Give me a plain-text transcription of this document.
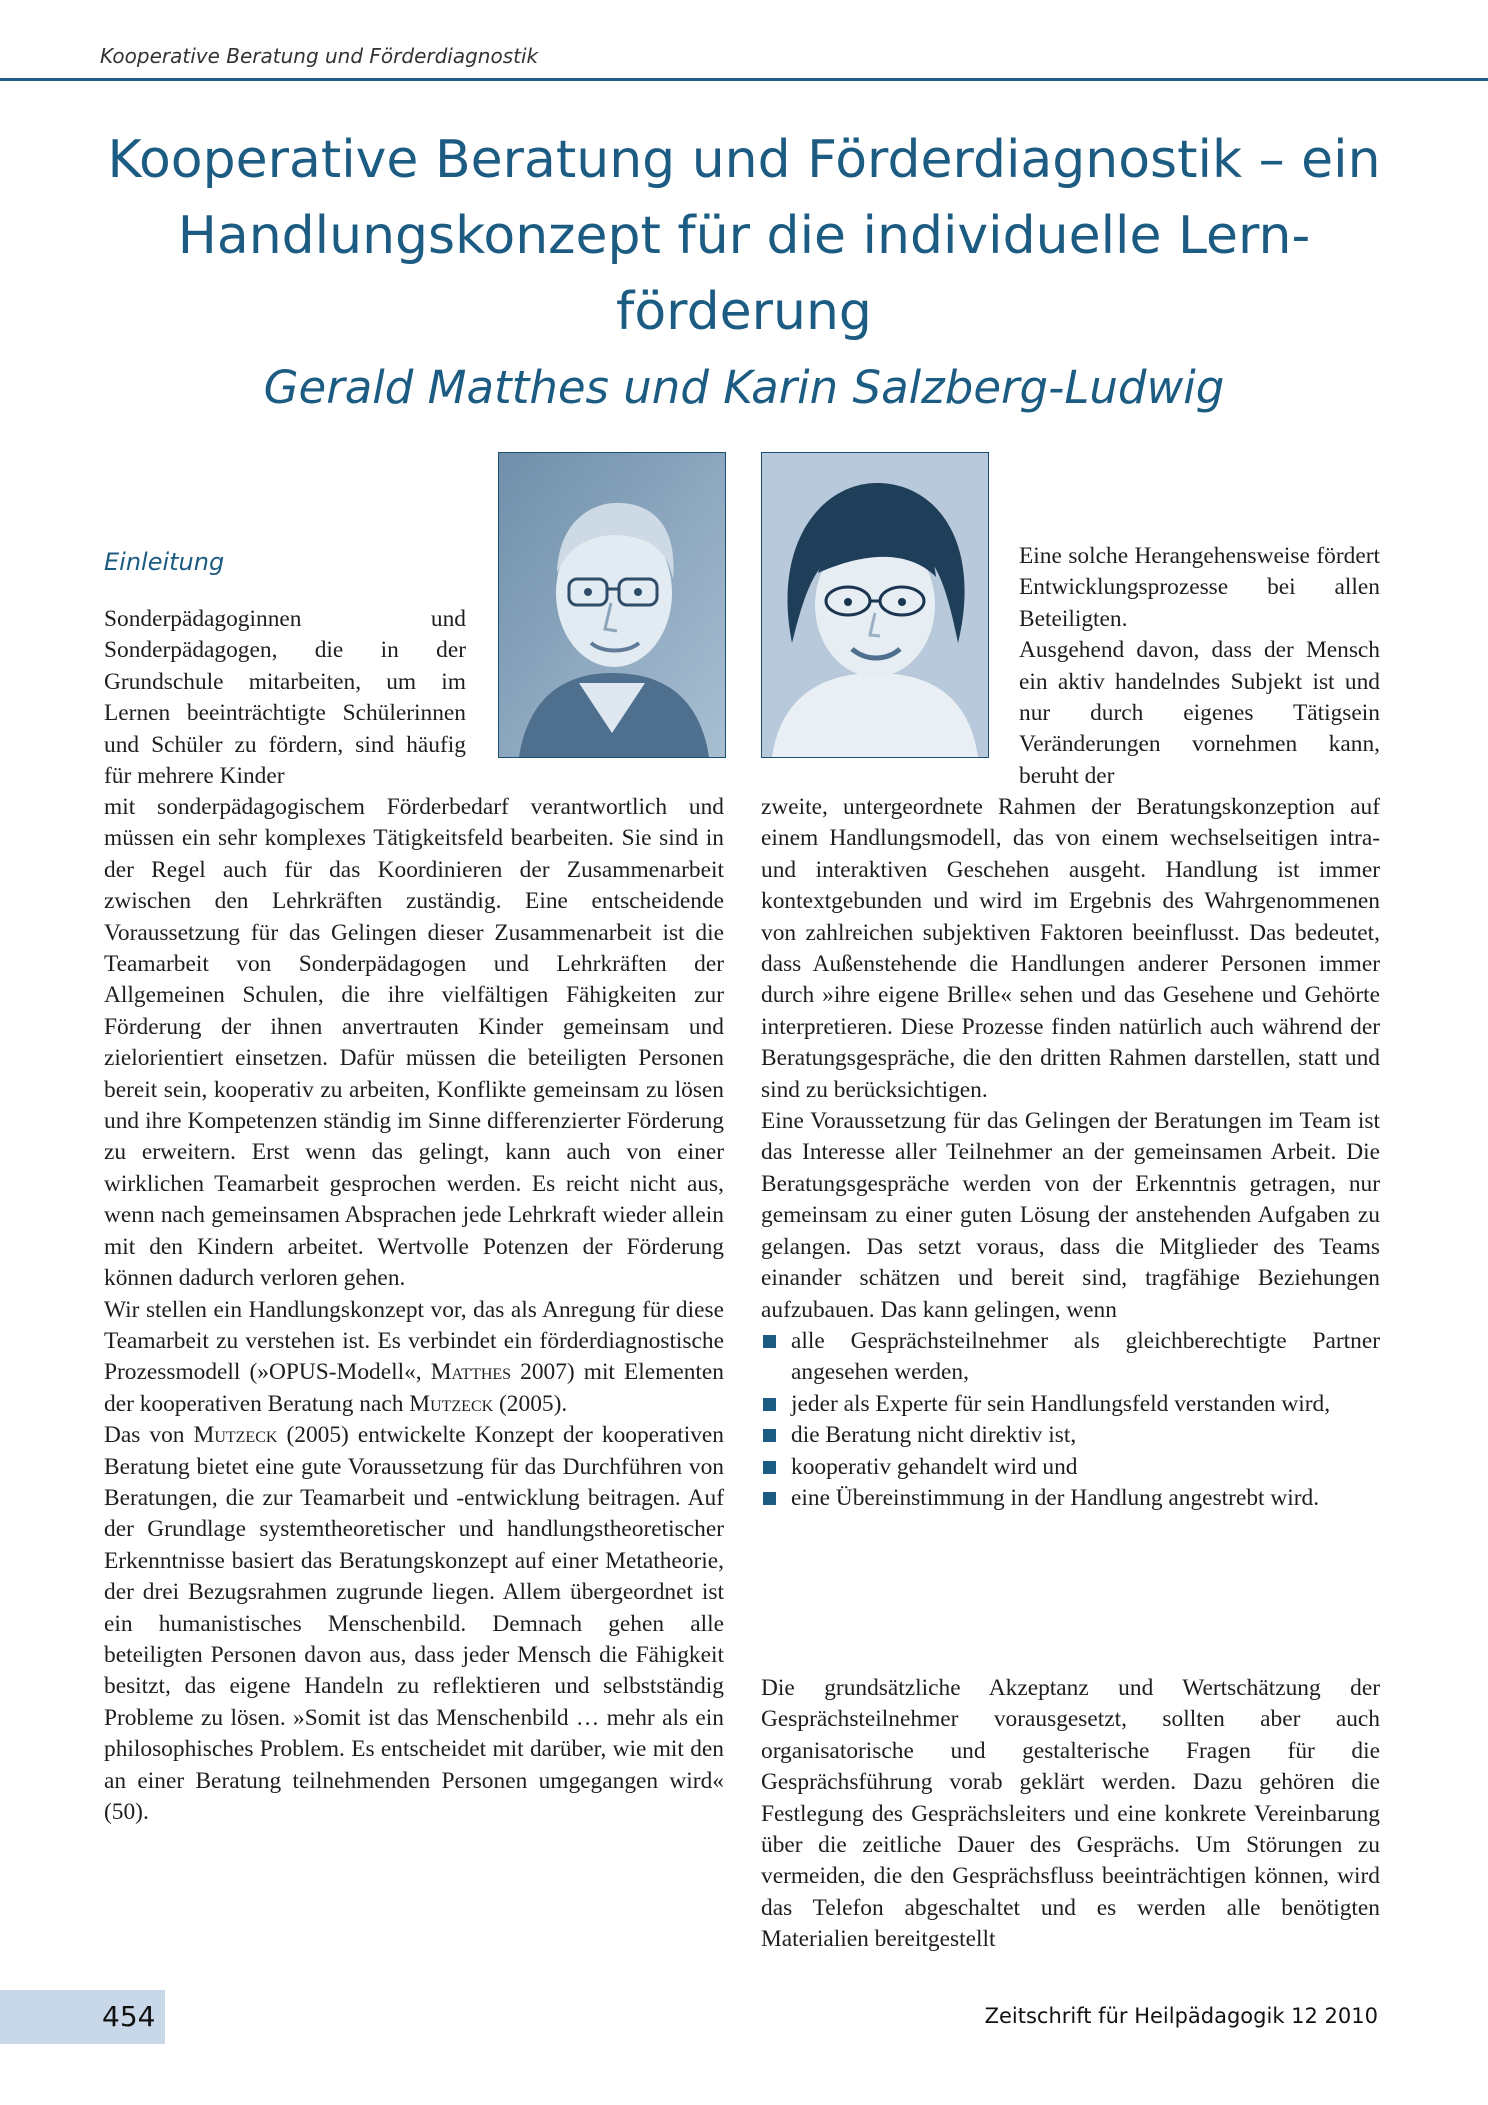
Kooperative Beratung und Förderdiagnostik
Kooperative Beratung und Förderdiagnostik – ein Handlungskonzept für die individuelle Lernförderung
Gerald Matthes und Karin Salzberg-Ludwig
Einleitung

Sonderpädagoginnen und Sonderpädagogen, die in der Grundschule mitarbeiten, um im Lernen beeinträchtigte Schülerinnen und Schüler zu fördern, sind häufig für mehrere Kinder

mit sonderpädagogischem Förderbedarf verantwortlich und müssen ein sehr komplexes Tätigkeitsfeld bearbeiten. Sie sind in der Regel auch für das Koordinieren der Zusammenarbeit zwischen den Lehrkräften zuständig. Eine entscheidende Voraussetzung für das Gelingen dieser Zusammenarbeit ist die Teamarbeit von Sonderpädagogen und Lehrkräften der Allgemeinen Schulen, die ihre vielfältigen Fähigkeiten zur Förderung der ihnen anvertrauten Kinder gemeinsam und zielorientiert einsetzen. Dafür müssen die beteiligten Personen bereit sein, kooperativ zu arbeiten, Konflikte gemeinsam zu lösen und ihre Kompetenzen ständig im Sinne differenzierter Förderung zu erweitern. Erst wenn das gelingt, kann auch von einer wirklichen Teamarbeit gesprochen werden. Es reicht nicht aus, wenn nach gemeinsamen Absprachen jede Lehrkraft wieder allein mit den Kindern arbeitet. Wertvolle Potenzen der Förderung können dadurch verloren gehen.

Wir stellen ein Handlungskonzept vor, das als Anregung für diese Teamarbeit zu verstehen ist. Es verbindet ein förderdiagnostische Prozessmodell (»OPUS-Modell«, Matthes 2007) mit Elementen der kooperativen Beratung nach Mutzeck (2005).

Das von Mutzeck (2005) entwickelte Konzept der kooperativen Beratung bietet eine gute Voraussetzung für das Durchführen von Beratungen, die zur Teamarbeit und -entwicklung beitragen. Auf der Grundlage systemtheoretischer und handlungstheoretischer Erkenntnisse basiert das Beratungskonzept auf einer Metatheorie, der drei Bezugsrahmen zugrunde liegen. Allem übergeordnet ist ein humanistisches Menschenbild. Demnach gehen alle beteiligten Personen davon aus, dass jeder Mensch die Fähigkeit besitzt, das eigene Handeln zu reflektieren und selbstständig Probleme zu lösen. »Somit ist das Menschenbild … mehr als ein philosophisches Problem. Es entscheidet mit darüber, wie mit den an einer Beratung teilnehmenden Personen umgegangen wird« (50).

Eine solche Herangehensweise fördert Entwicklungsprozesse bei allen Beteiligten.

Ausgehend davon, dass der Mensch ein aktiv handelndes Subjekt ist und nur durch eigenes Tätigsein Veränderungen vornehmen kann, beruht der

zweite, untergeordnete Rahmen der Beratungskonzeption auf einem Handlungsmodell, das von einem wechselseitigen intra- und interaktiven Geschehen ausgeht. Handlung ist immer kontextgebunden und wird im Ergebnis des Wahrgenommenen von zahlreichen subjektiven Faktoren beeinflusst. Das bedeutet, dass Außenstehende die Handlungen anderer Personen immer durch »ihre eigene Brille« sehen und das Gesehene und Gehörte interpretieren. Diese Prozesse finden natürlich auch während der Beratungsgespräche, die den dritten Rahmen darstellen, statt und sind zu berücksichtigen.

Eine Voraussetzung für das Gelingen der Beratungen im Team ist das Interesse aller Teilnehmer an der gemeinsamen Arbeit. Die Beratungsgespräche werden von der Erkenntnis getragen, nur gemeinsam zu einer guten Lösung der anstehenden Aufgaben zu gelangen. Das setzt voraus, dass die Mitglieder des Teams einander schätzen und bereit sind, tragfähige Beziehungen aufzubauen. Das kann gelingen, wenn

alle Gesprächsteilnehmer als gleichberechtigte Partner angesehen werden,
jeder als Experte für sein Handlungsfeld verstanden wird,
die Beratung nicht direktiv ist,
kooperativ gehandelt wird und
eine Übereinstimmung in der Handlung angestrebt wird.

Die grundsätzliche Akzeptanz und Wertschätzung der Gesprächsteilnehmer vorausgesetzt, sollten aber auch organisatorische und gestalterische Fragen für die Gesprächsführung vorab geklärt werden. Dazu gehören die Festlegung des Gesprächsleiters und eine konkrete Vereinbarung über die zeitliche Dauer des Gesprächs. Um Störungen zu vermeiden, die den Gesprächsfluss beeinträchtigen können, wird das Telefon abgeschaltet und es werden alle benötigten Materialien bereitgestellt

454	Zeitschrift für Heilpädagogik 12 2010
